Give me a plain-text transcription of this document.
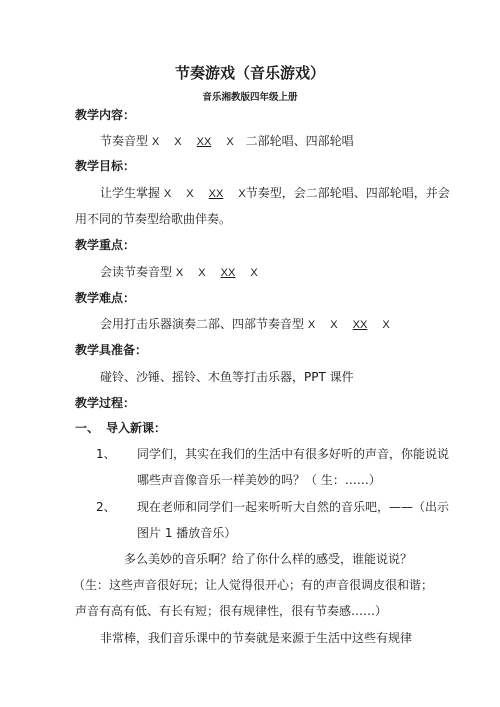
节奏游戏（音乐游戏）
音乐湘教版四年级上册
教学内容：
节奏音型 X X XX X 二部轮唱、四部轮唱
教学目标：
让学生掌握 X X XX X节奏型，会二部轮唱、四部轮唱，并会
用不同的节奏型给歌曲伴奏。
教学重点：
会读节奏音型 X X XX X
教学难点：
会用打击乐器演奏二部、四部节奏音型 X X XX X
教学具准备：
碰铃、沙锤、摇铃、木鱼等打击乐器，PPT 课件
教学过程：
一、 导入新课：
1、 同学们，其实在我们的生活中有很多好听的声音，你能说说
哪些声音像音乐一样美妙的吗？（ 生：……）
2、 现在老师和同学们一起来听听大自然的音乐吧，——（出示
图片 1 播放音乐）
多么美妙的音乐啊？给了你什么样的感受，谁能说说？
（生：这些声音很好玩；让人觉得很开心；有的声音很调皮很和谐；
声音有高有低、有长有短；很有规律性，很有节奏感……）
非常棒，我们音乐课中的节奏就是来源于生活中这些有规律
